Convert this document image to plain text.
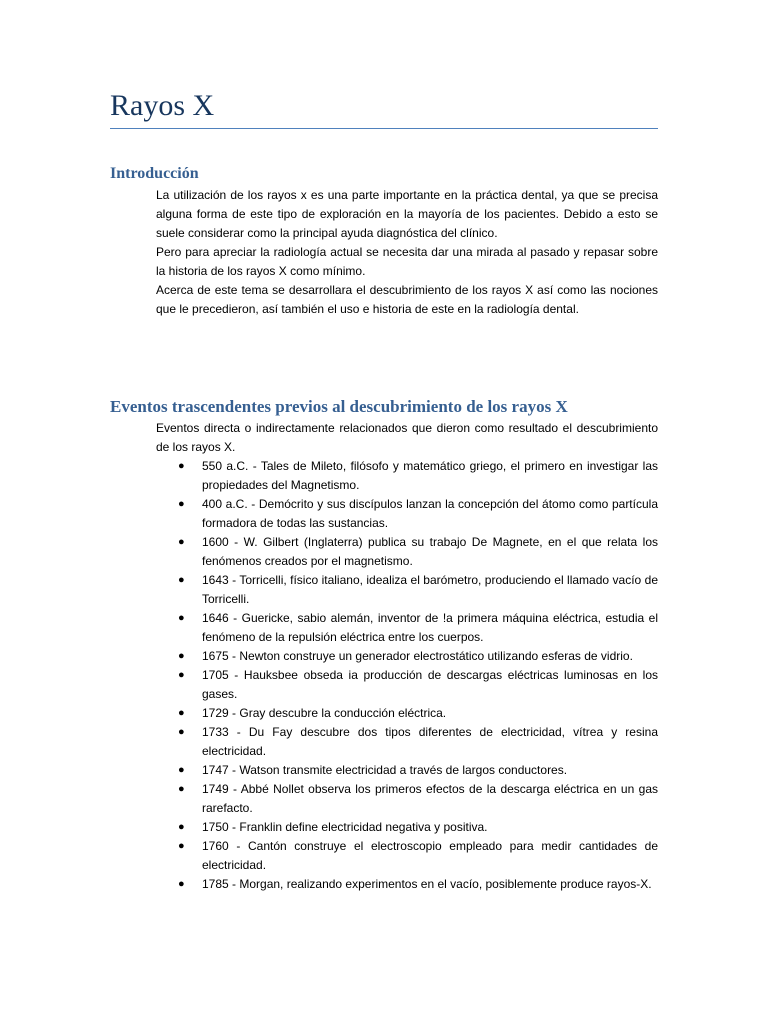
Rayos X
Introducción

La utilización de los rayos x es una parte importante en la práctica dental, ya que se precisa alguna forma de este tipo de exploración en la mayoría de los pacientes. Debido a esto se suele considerar como la principal ayuda diagnóstica del clínico.

Pero para apreciar la radiología actual se necesita dar una mirada al pasado y repasar sobre la historia de los rayos X como mínimo.

Acerca de este tema se desarrollara el descubrimiento de los rayos X así como las nociones que le precedieron, así también el uso e historia de este en la radiología dental.

Eventos trascendentes previos al descubrimiento de los rayos X

Eventos directa o indirectamente relacionados que dieron como resultado el descubrimiento de los rayos X.

● 550 a.C. - Tales de Mileto, filósofo y matemático griego, el primero en investigar las propiedades del Magnetismo.
● 400 a.C. - Demócrito y sus discípulos lanzan la concepción del átomo como partícula formadora de todas las sustancias.
● 1600 - W. Gilbert (Inglaterra) publica su trabajo De Magnete, en el que relata los fenómenos creados por el magnetismo.
● 1643 - Torricelli, físico italiano, idealiza el barómetro, produciendo el llamado vacío de Torricelli.
● 1646 - Guericke, sabio alemán, inventor de !a primera máquina eléctrica, estudia el fenómeno de la repulsión eléctrica entre los cuerpos.
● 1675 - Newton construye un generador electrostático utilizando esferas de vidrio.
● 1705 - Hauksbee obseda ia producción de descargas eléctricas luminosas en los gases.
● 1729 - Gray descubre la conducción eléctrica.
● 1733 - Du Fay descubre dos tipos diferentes de electricidad, vítrea y resina electricidad.
● 1747 - Watson transmite electricidad a través de largos conductores.
● 1749 - Abbé Nollet observa los primeros efectos de la descarga eléctrica en un gas rarefacto.
● 1750 - Franklin define electricidad negativa y positiva.
● 1760 - Cantón construye el electroscopio empleado para medir cantidades de electricidad.
● 1785 - Morgan, realizando experimentos en el vacío, posiblemente produce rayos-X.
